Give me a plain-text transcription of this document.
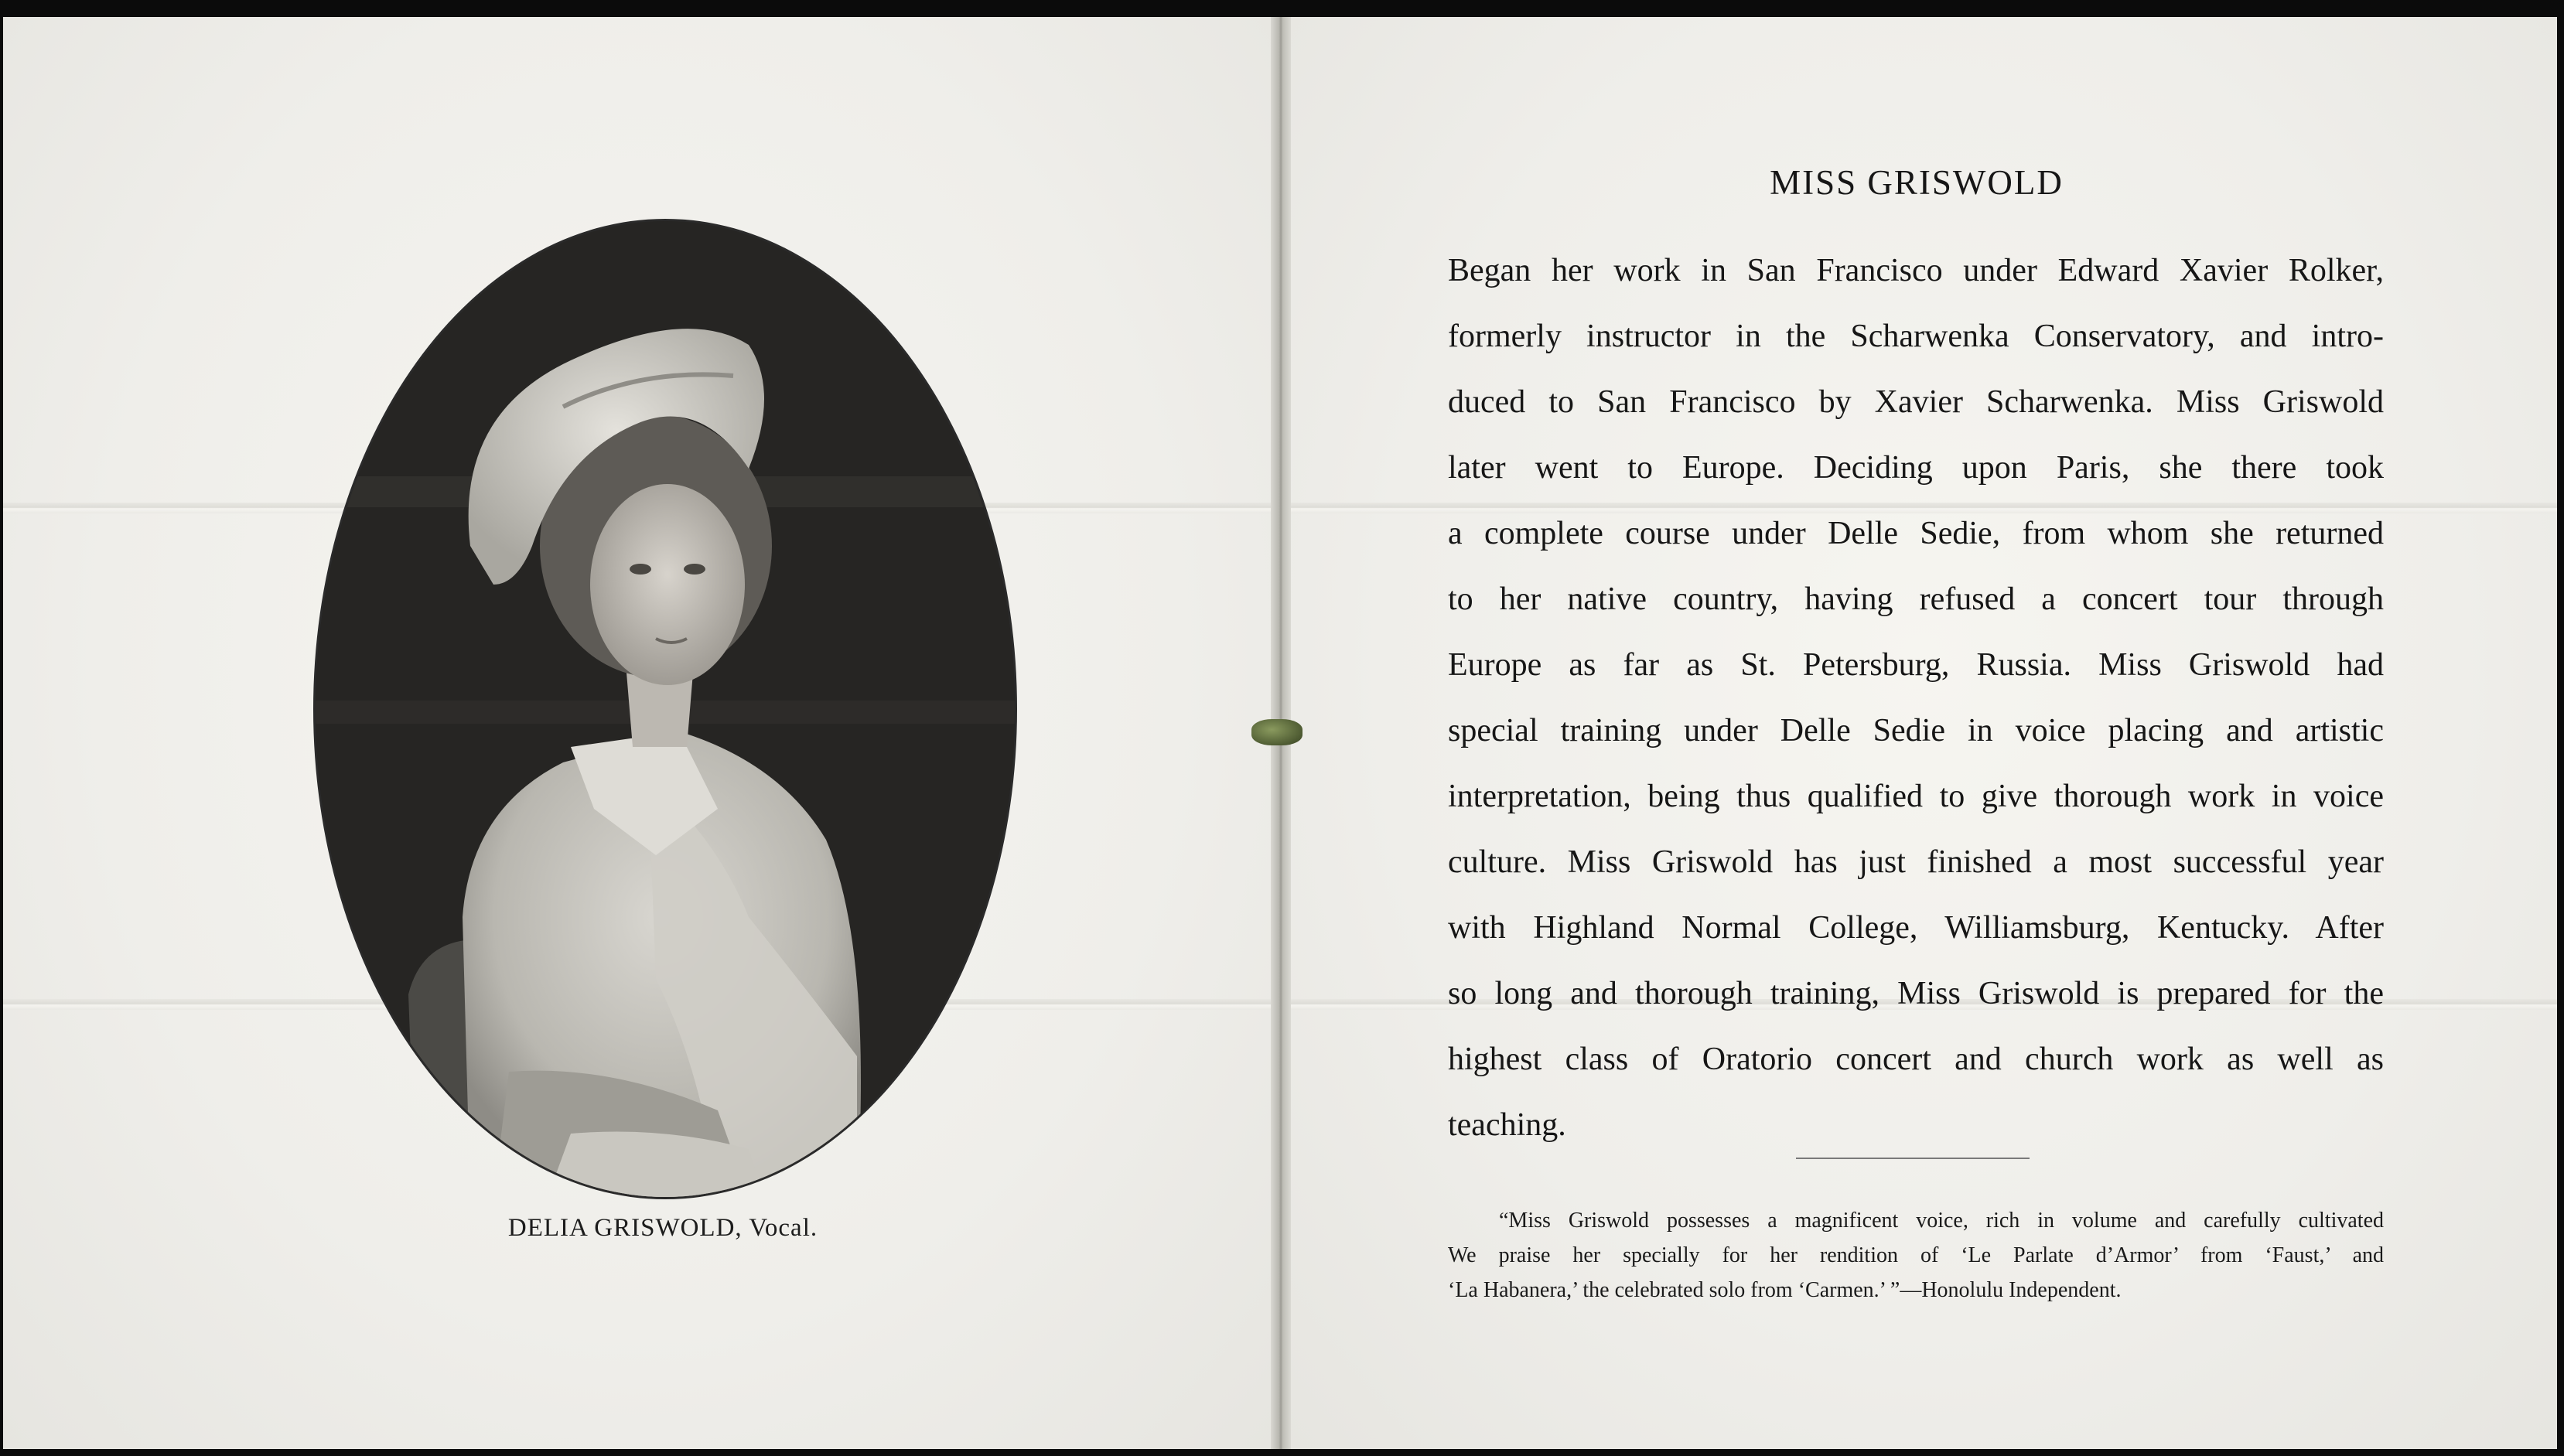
DELIA GRISWOLD, Vocal.
MISS GRISWOLD
Began her work in San Francisco under Edward Xavier Rolker,
formerly instructor in the Scharwenka Conservatory, and intro-
duced to San Francisco by Xavier Scharwenka. Miss Griswold
later went to Europe. Deciding upon Paris, she there took
a complete course under Delle Sedie, from whom she returned
to her native country, having refused a concert tour through
Europe as far as St. Petersburg, Russia. Miss Griswold had
special training under Delle Sedie in voice placing and artistic
interpretation, being thus qualified to give thorough work in voice
culture. Miss Griswold has just finished a most successful year
with Highland Normal College, Williamsburg, Kentucky. After
so long and thorough training, Miss Griswold is prepared for the
highest class of Oratorio concert and church work as well as
teaching.
“Miss Griswold possesses a magnificent voice, rich in volume and carefully cultivated
We praise her specially for her rendition of ‘Le Parlate d’Armor’ from ‘Faust,’ and
‘La Habanera,’ the celebrated solo from ‘Carmen.’ ”—Honolulu Independent.
